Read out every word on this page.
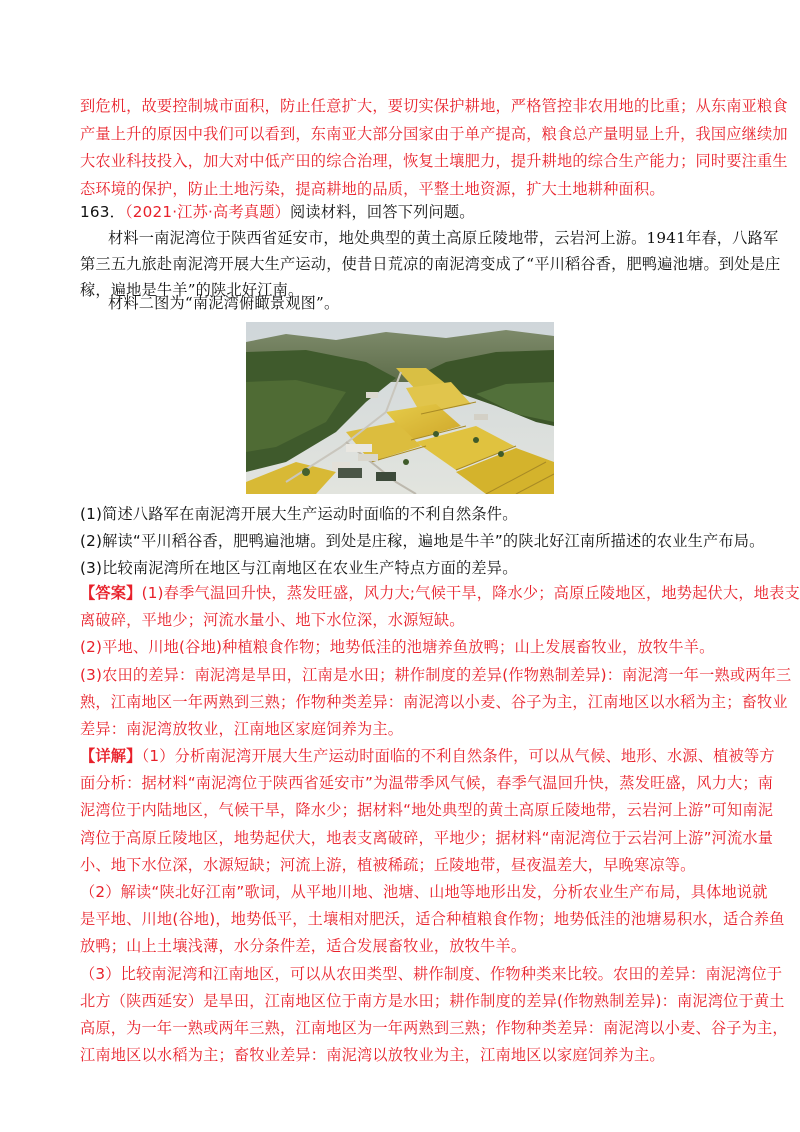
到危机，故要控制城市面积，防止任意扩大，要切实保护耕地，严格管控非农用地的比重；从东南亚粮食
产量上升的原因中我们可以看到，东南亚大部分国家由于单产提高，粮食总产量明显上升，我国应继续加
大农业科技投入，加大对中低产田的综合治理，恢复土壤肥力，提升耕地的综合生产能力；同时要注重生
态环境的保护，防止土地污染，提高耕地的品质，平整土地资源，扩大土地耕种面积。
163．（2021·江苏·高考真题）阅读材料，回答下列问题。
材料一南泥湾位于陕西省延安市，地处典型的黄土高原丘陵地带，云岩河上游。1941年春，八路军
第三五九旅赴南泥湾开展大生产运动，使昔日荒凉的南泥湾变成了“平川稻谷香，肥鸭遍池塘。到处是庄
稼，遍地是牛羊”的陕北好江南。
材料二图为“南泥湾俯瞰景观图”。
(1)简述八路军在南泥湾开展大生产运动时面临的不利自然条件。
(2)解读“平川稻谷香，肥鸭遍池塘。到处是庄稼，遍地是牛羊”的陕北好江南所描述的农业生产布局。
(3)比较南泥湾所在地区与江南地区在农业生产特点方面的差异。
【答案】(1)春季气温回升快，蒸发旺盛，风力大;气候干旱，降水少；高原丘陵地区，地势起伏大，地表支
离破碎，平地少；河流水量小、地下水位深，水源短缺。
(2)平地、川地(谷地)种植粮食作物；地势低洼的池塘养鱼放鸭；山上发展畜牧业，放牧牛羊。
(3)农田的差异：南泥湾是旱田，江南是水田；耕作制度的差异(作物熟制差异)：南泥湾一年一熟或两年三
熟，江南地区一年两熟到三熟；作物种类差异：南泥湾以小麦、谷子为主，江南地区以水稻为主；畜牧业
差异：南泥湾放牧业，江南地区家庭饲养为主。
【详解】（1）分析南泥湾开展大生产运动时面临的不利自然条件，可以从气候、地形、水源、植被等方
面分析：据材料“南泥湾位于陕西省延安市”为温带季风气候，春季气温回升快，蒸发旺盛，风力大；南
泥湾位于内陆地区，气候干旱，降水少；据材料“地处典型的黄土高原丘陵地带，云岩河上游”可知南泥
湾位于高原丘陵地区，地势起伏大，地表支离破碎，平地少；据材料“南泥湾位于云岩河上游”河流水量
小、地下水位深，水源短缺；河流上游，植被稀疏；丘陵地带，昼夜温差大，早晚寒凉等。
（2）解读“陕北好江南”歌词，从平地川地、池塘、山地等地形出发，分析农业生产布局，具体地说就
是平地、川地(谷地)，地势低平，土壤相对肥沃，适合种植粮食作物；地势低洼的池塘易积水，适合养鱼
放鸭；山上土壤浅薄，水分条件差，适合发展畜牧业，放牧牛羊。
（3）比较南泥湾和江南地区，可以从农田类型、耕作制度、作物种类来比较。农田的差异：南泥湾位于
北方（陕西延安）是旱田，江南地区位于南方是水田；耕作制度的差异(作物熟制差异)：南泥湾位于黄土
高原，为一年一熟或两年三熟，江南地区为一年两熟到三熟；作物种类差异：南泥湾以小麦、谷子为主，
江南地区以水稻为主；畜牧业差异：南泥湾以放牧业为主，江南地区以家庭饲养为主。
